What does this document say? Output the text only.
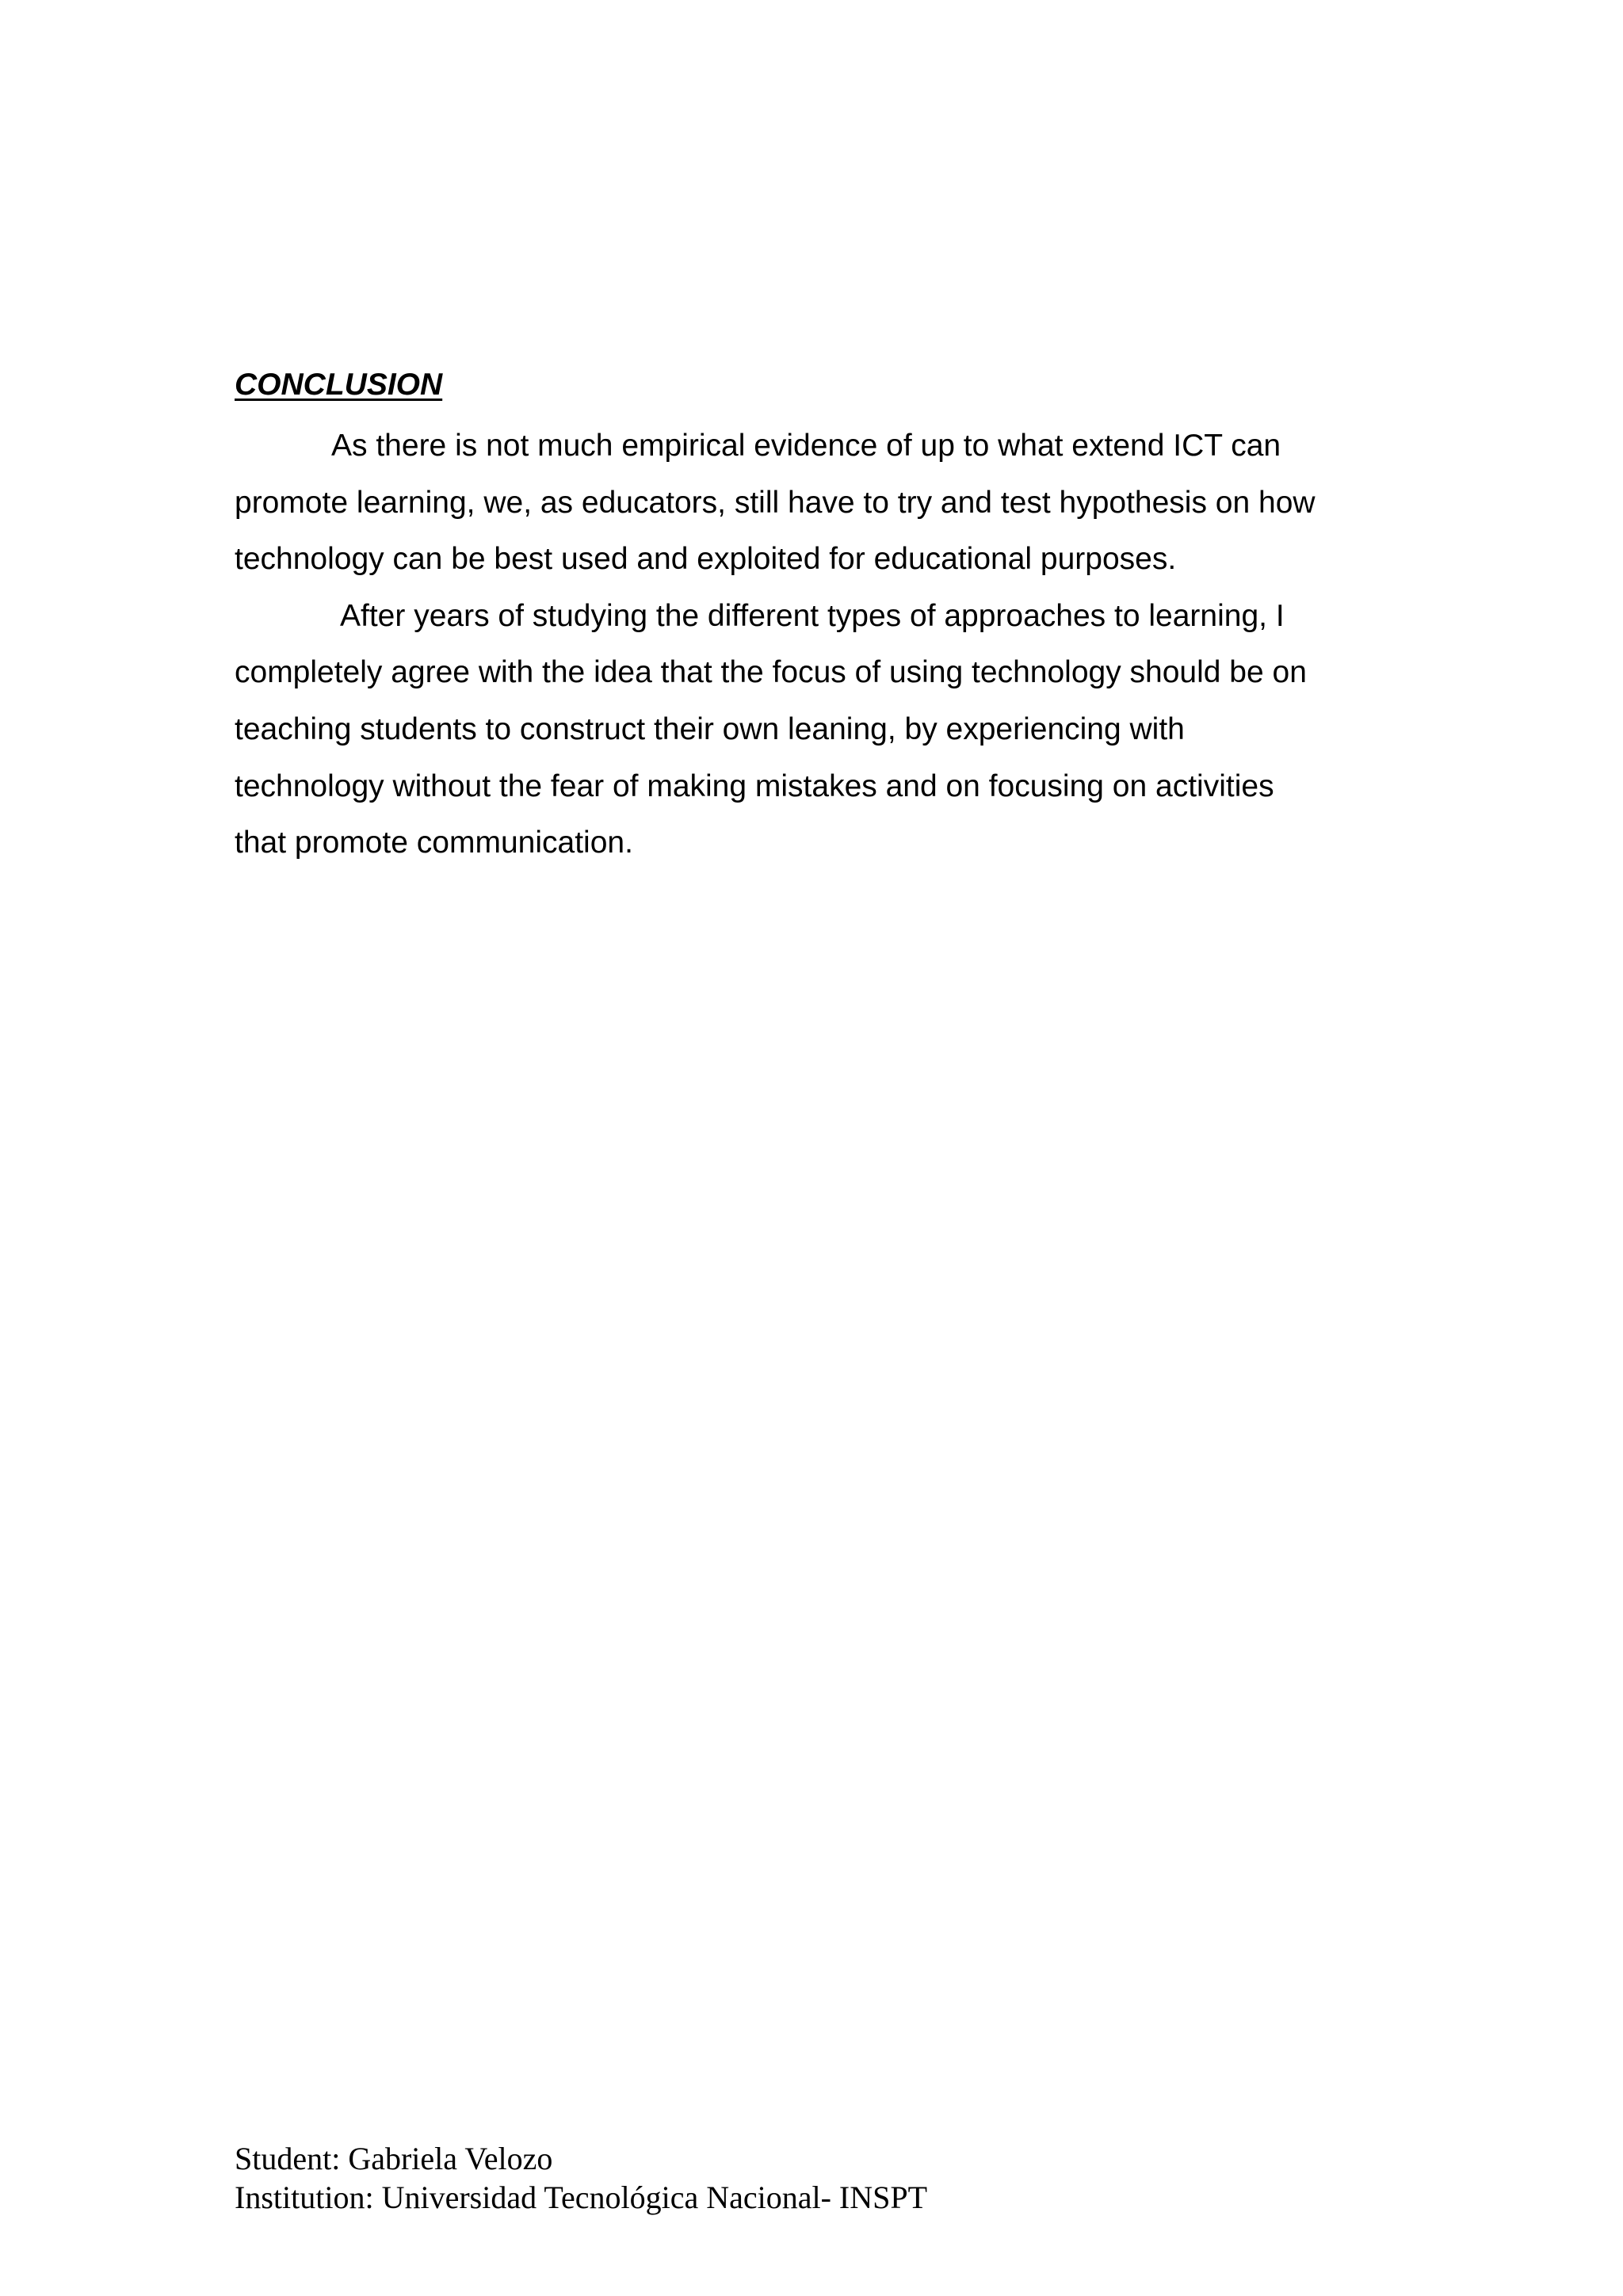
CONCLUSION
As there is not much empirical evidence of up to what extend ICT can
promote learning, we, as educators, still have to try and test hypothesis on how
technology can be best used and exploited for educational purposes.
After years of studying the different types of approaches to learning, I
completely agree with the idea that the focus of using technology should be on
teaching students to construct their own leaning, by experiencing with
technology without the fear of making mistakes and on focusing on activities
that promote communication.
Student: Gabriela Velozo
Institution: Universidad Tecnológica Nacional- INSPT
